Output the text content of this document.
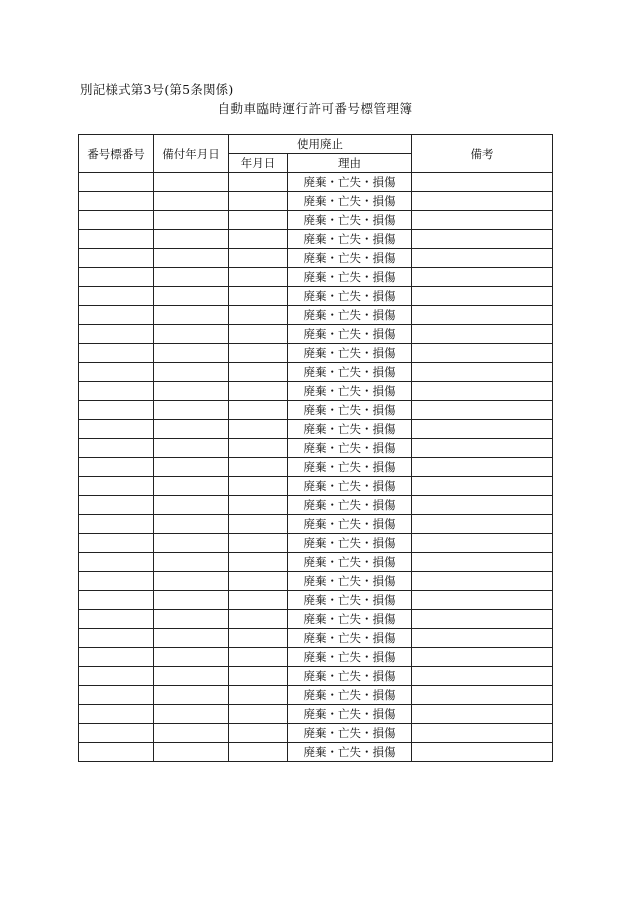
別記様式第3号(第5条関係)
自動車臨時運行許可番号標管理簿
番号標番号	備付年月日	使用廃止		備考
		年月日	理由	
			廃棄・亡失・損傷	
			廃棄・亡失・損傷	
			廃棄・亡失・損傷	
			廃棄・亡失・損傷	
			廃棄・亡失・損傷	
			廃棄・亡失・損傷	
			廃棄・亡失・損傷	
			廃棄・亡失・損傷	
			廃棄・亡失・損傷	
			廃棄・亡失・損傷	
			廃棄・亡失・損傷	
			廃棄・亡失・損傷	
			廃棄・亡失・損傷	
			廃棄・亡失・損傷	
			廃棄・亡失・損傷	
			廃棄・亡失・損傷	
			廃棄・亡失・損傷	
			廃棄・亡失・損傷	
			廃棄・亡失・損傷	
			廃棄・亡失・損傷	
			廃棄・亡失・損傷	
			廃棄・亡失・損傷	
			廃棄・亡失・損傷	
			廃棄・亡失・損傷	
			廃棄・亡失・損傷	
			廃棄・亡失・損傷	
			廃棄・亡失・損傷	
			廃棄・亡失・損傷	
			廃棄・亡失・損傷	
			廃棄・亡失・損傷	
			廃棄・亡失・損傷	
